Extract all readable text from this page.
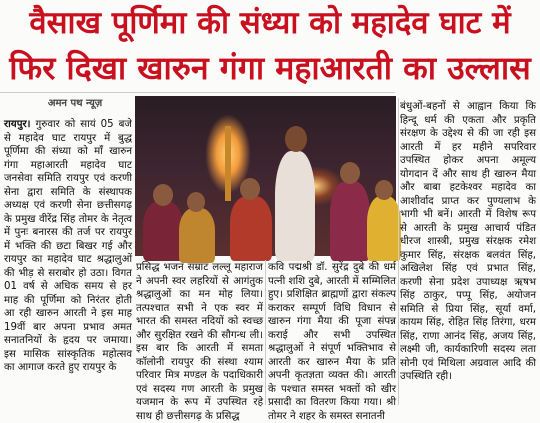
वैसाख पूर्णिमा की संध्या को महादेव घाट में
फिर दिखा खारुन गंगा महाआरती का उल्लास
अमन पथ न्यूज़

रायपुर। गुरुवार को सायं 05 बजे से महादेव घाट रायपुर में बुद्ध पूर्णिमा की संध्या को माँ खारुन गंगा महाआरती महादेव घाट जनसेवा समिति रायपुर एवं करणी सेना द्वारा समिति के संस्थापक अध्यक्ष एवं करणी सेना छत्तीसगढ़ के प्रमुख वीरेंद्र सिंह तोमर के नेतृत्व में पुनः बनारस की तर्ज पर रायपुर में भक्ति की छटा बिखर गई और रायपुर का महादेव घाट श्रद्धालुओं की भीड़ से सराबोर हो उठा। विगत 01 वर्ष से अधिक समय से हर माह की पूर्णिमा को निरंतर होती आ रही खारुन आरती ने इस माह 19वीं बार अपना प्रभाव अमत सनातनियों के हृदय पर जमाया। इस मासिक सांस्कृतिक महोत्सव का आगाज करते हुए रायपुर के

प्रसिद्ध भजन सम्राट लल्लू महाराज ने अपनी स्वर लहरियों से आगंतुक श्रद्धालुओं का मन मोह लिया। तत्पश्चात सभी ने एक स्वर में भारत की समस्त नदियों को स्वच्छ और सुरक्षित रखने की सौगन्ध ली। इस बार कि आरती में समता कॉलोनी रायपुर की संस्था श्याम परिवार मित्र मण्डल के पदाधिकारी एवं सदस्य गण आरती के प्रमुख यजमान के रूप में उपस्थित रहे साथ ही छत्तीसगढ़ के प्रसिद्ध

कवि पद्मश्री डॉ. सुरेंद्र दुबे की धर्म पत्नी शशि दुबे, आरती में सम्मिलित हुए। प्रशिक्षित ब्राह्मणों द्वारा संकल्प कराकर सम्पूर्ण विधि विधान से खारुन गंगा मैया की पूजा संपन्न कराई और सभी उपस्थित श्रद्धालुओं ने संपूर्ण भक्तिभाव से आरती कर खारुन मैया के प्रति अपनी कृतज्ञता व्यक्त की। आरती के पश्चात समस्त भक्तों को खीर प्रसादी का वितरण किया गया। श्री तोमर ने शहर के समस्त सनातनी

बंधुओं-बहनों से आह्वान किया कि हिन्दू धर्म की एकता और प्रकृति संरक्षण के उद्देश्य से की जा रही इस आरती में हर महीने सपरिवार उपस्थित होकर अपना अमूल्य योगदान दें और साथ ही खारुन मैया और बाबा हटकेश्वर महादेव का आशीर्वाद प्राप्त कर पुण्यलाभ के भागी भी बनें। आरती में विशेष रूप से आरती के प्रमुख आचार्य पंडित धीरज शास्त्री, प्रमुख संरक्षक रमेश कुमार सिंह, संरक्षक बलवंत सिंह, अखिलेश सिंह एवं प्रभात सिंह, करणी सेना प्रदेश उपाध्यक्ष ऋषभ सिंह ठाकुर, पप्पू सिंह, अयोजन समिति से प्रिया सिंह, सूर्या वर्मा, कायम सिंह, रोहित सिंह तिरंगा, धरम सिंह, राणा आनंद सिंह, अजय सिंह, लक्ष्मी जी, कार्यकारिणी सदस्य लता सोनी एवं मिथिला अग्रवाल आदि की उपस्थिति रही।
